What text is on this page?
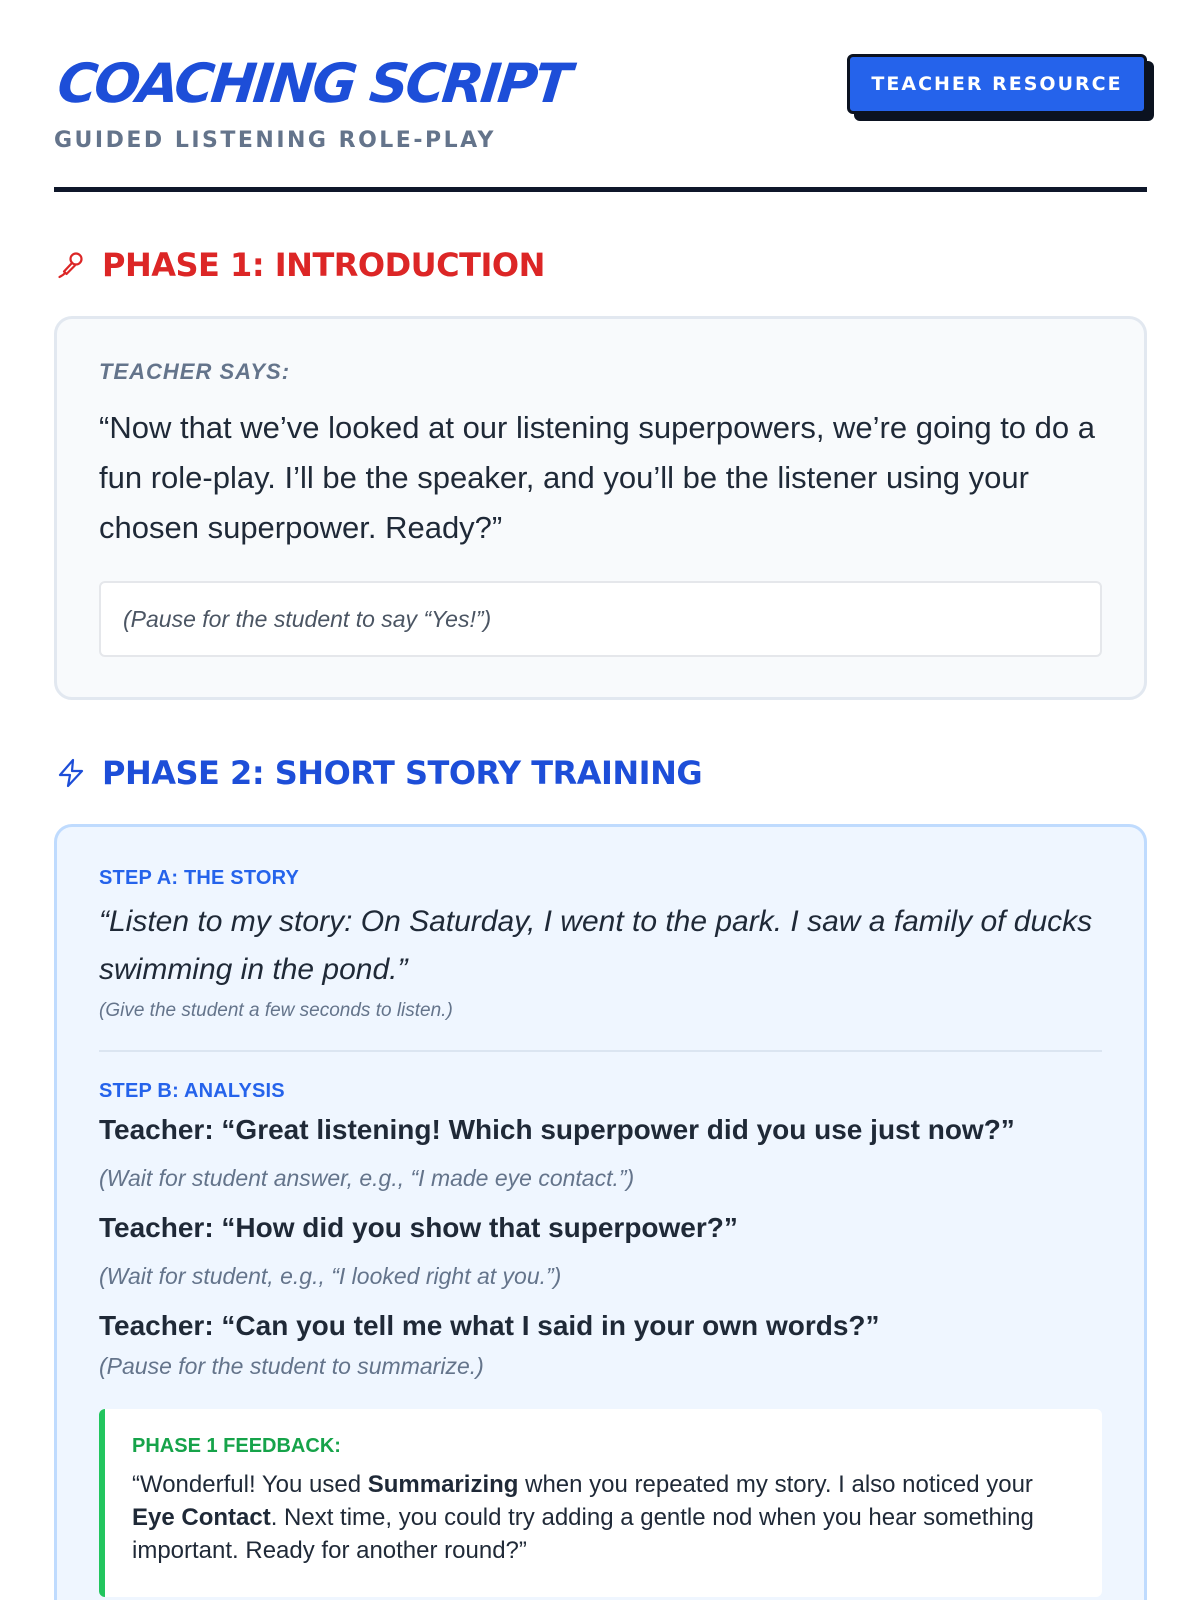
COACHING SCRIPT
GUIDED LISTENING ROLE-PLAY
TEACHER RESOURCE
PHASE 1: INTRODUCTION
TEACHER SAYS:

“Now that we’ve looked at our listening superpowers, we’re going to do a fun role-play. I’ll be the speaker, and you’ll be the listener using your chosen superpower. Ready?”

(Pause for the student to say “Yes!”)
PHASE 2: SHORT STORY TRAINING
STEP A: THE STORY

“Listen to my story: On Saturday, I went to the park. I saw a family of ducks swimming in the pond.”

(Give the student a few seconds to listen.)
STEP B: ANALYSIS
Teacher: “Great listening! Which superpower did you use just now?”
(Wait for student answer, e.g., “I made eye contact.”)
Teacher: “How did you show that superpower?”
(Wait for student, e.g., “I looked right at you.”)
Teacher: “Can you tell me what I said in your own words?”
(Pause for the student to summarize.)
PHASE 1 FEEDBACK:

“Wonderful! You used Summarizing when you repeated my story. I also noticed your Eye Contact. Next time, you could try adding a gentle nod when you hear something important. Ready for another round?”
